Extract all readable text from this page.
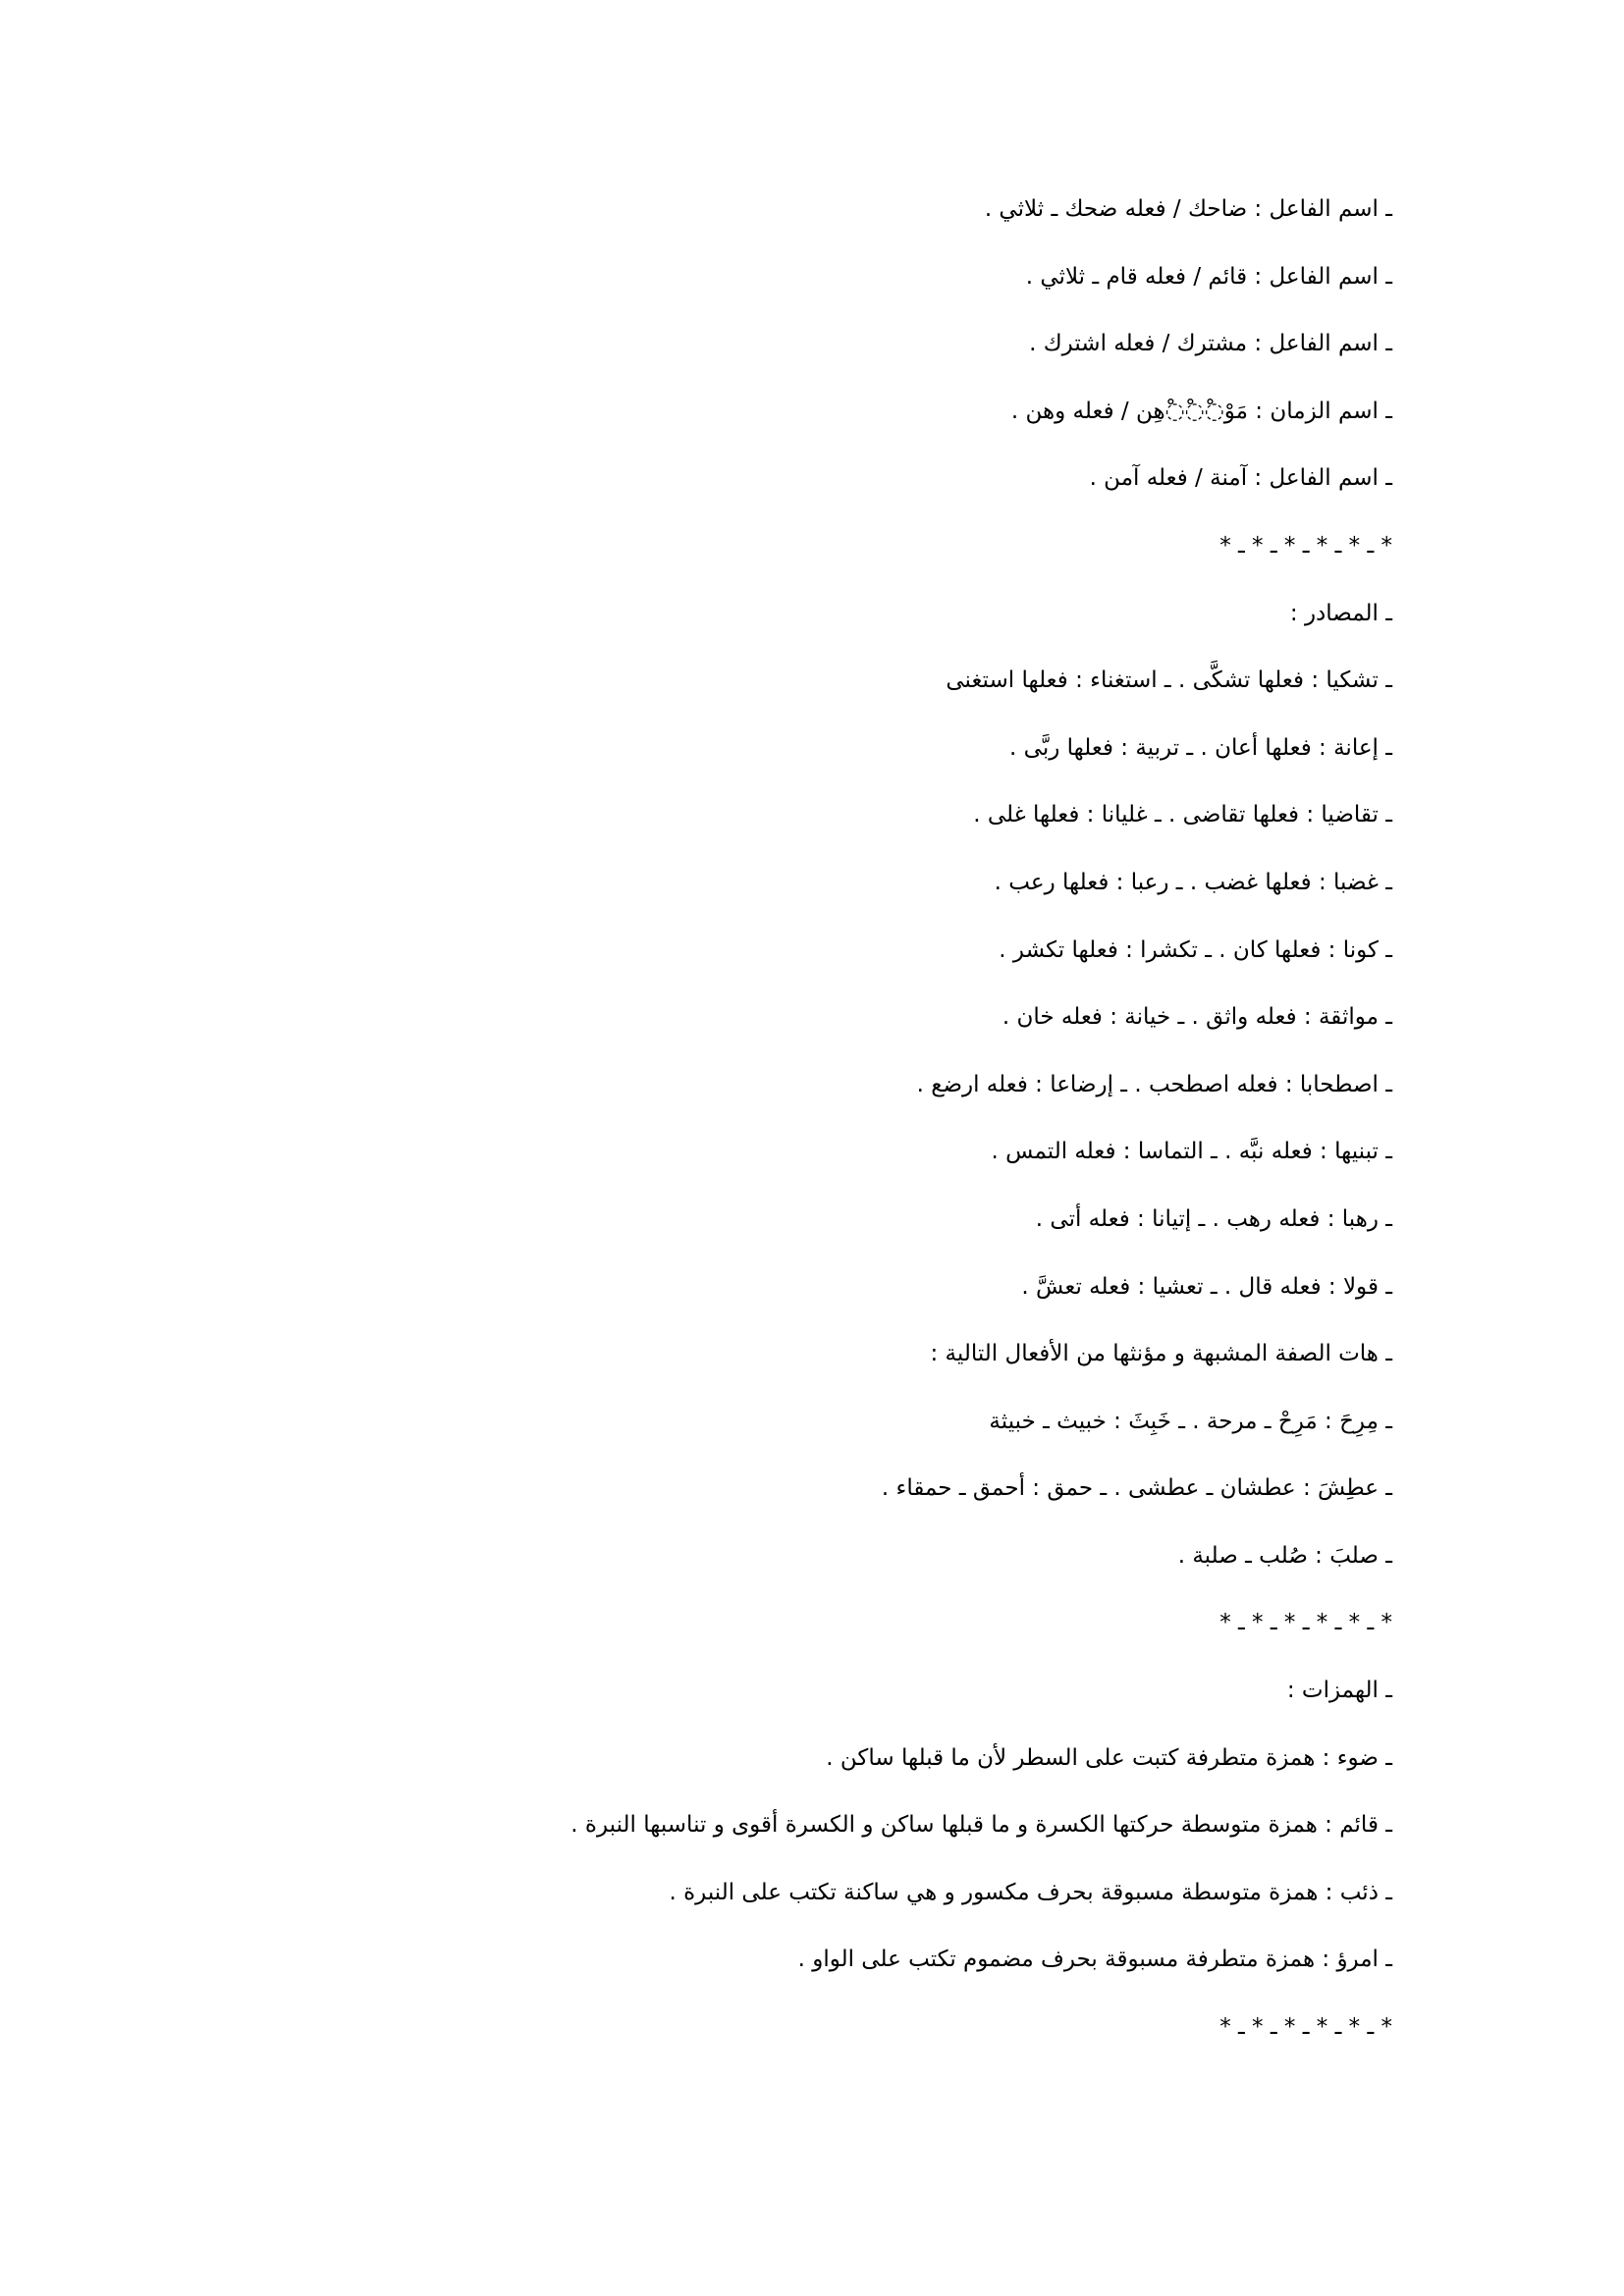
ـ اسم الفاعل : ضاحك / فعله ضحك ـ ثلاثي .
ـ اسم الفاعل : قائم / فعله قام ـ ثلاثي .
ـ اسم الفاعل : مشترك / فعله اشترك .
ـ اسم الزمان : مَوْ◌ْ◌ْ◌ْهِن / فعله وهن .
ـ اسم الفاعل : آمنة / فعله آمن .
* ـ * ـ * ـ * ـ * ـ *
ـ المصادر :
ـ تشكيا : فعلها تشكَّى . ـ استغناء : فعلها استغنى
ـ إعانة : فعلها أعان . ـ تربية : فعلها ربَّى .
ـ تقاضيا : فعلها تقاضى . ـ غليانا : فعلها غلى .
ـ غضبا : فعلها غضب . ـ رعبا : فعلها رعب .
ـ كونا : فعلها كان . ـ تكشرا : فعلها تكشر .
ـ مواثقة : فعله واثق . ـ خيانة : فعله خان .
ـ اصطحابا : فعله اصطحب . ـ إرضاعا : فعله ارضع .
ـ تبنيها : فعله نبَّه . ـ التماسا : فعله التمس .
ـ رهبا : فعله رهب . ـ إتيانا : فعله أتى .
ـ قولا : فعله قال . ـ تعشيا : فعله تعشَّ .
ـ هات الصفة المشبهة و مؤنثها من الأفعال التالية :
ـ مِرِحَ : مَرِحْ ـ مرحة . ـ خَبِثَ : خبيث ـ خبيثة
ـ عطِشَ : عطشان ـ عطشى . ـ حمق : أحمق ـ حمقاء .
ـ صلبَ : صُلب ـ صلبة .
* ـ * ـ * ـ * ـ * ـ *
ـ الهمزات :
ـ ضوء : همزة متطرفة كتبت على السطر لأن ما قبلها ساكن .
ـ قائم : همزة متوسطة حركتها الكسرة و ما قبلها ساكن و الكسرة أقوى و تناسبها النبرة .
ـ ذئب : همزة متوسطة مسبوقة بحرف مكسور و هي ساكنة تكتب على النبرة .
ـ امرؤ : همزة متطرفة مسبوقة بحرف مضموم تكتب على الواو .
* ـ * ـ * ـ * ـ * ـ *
